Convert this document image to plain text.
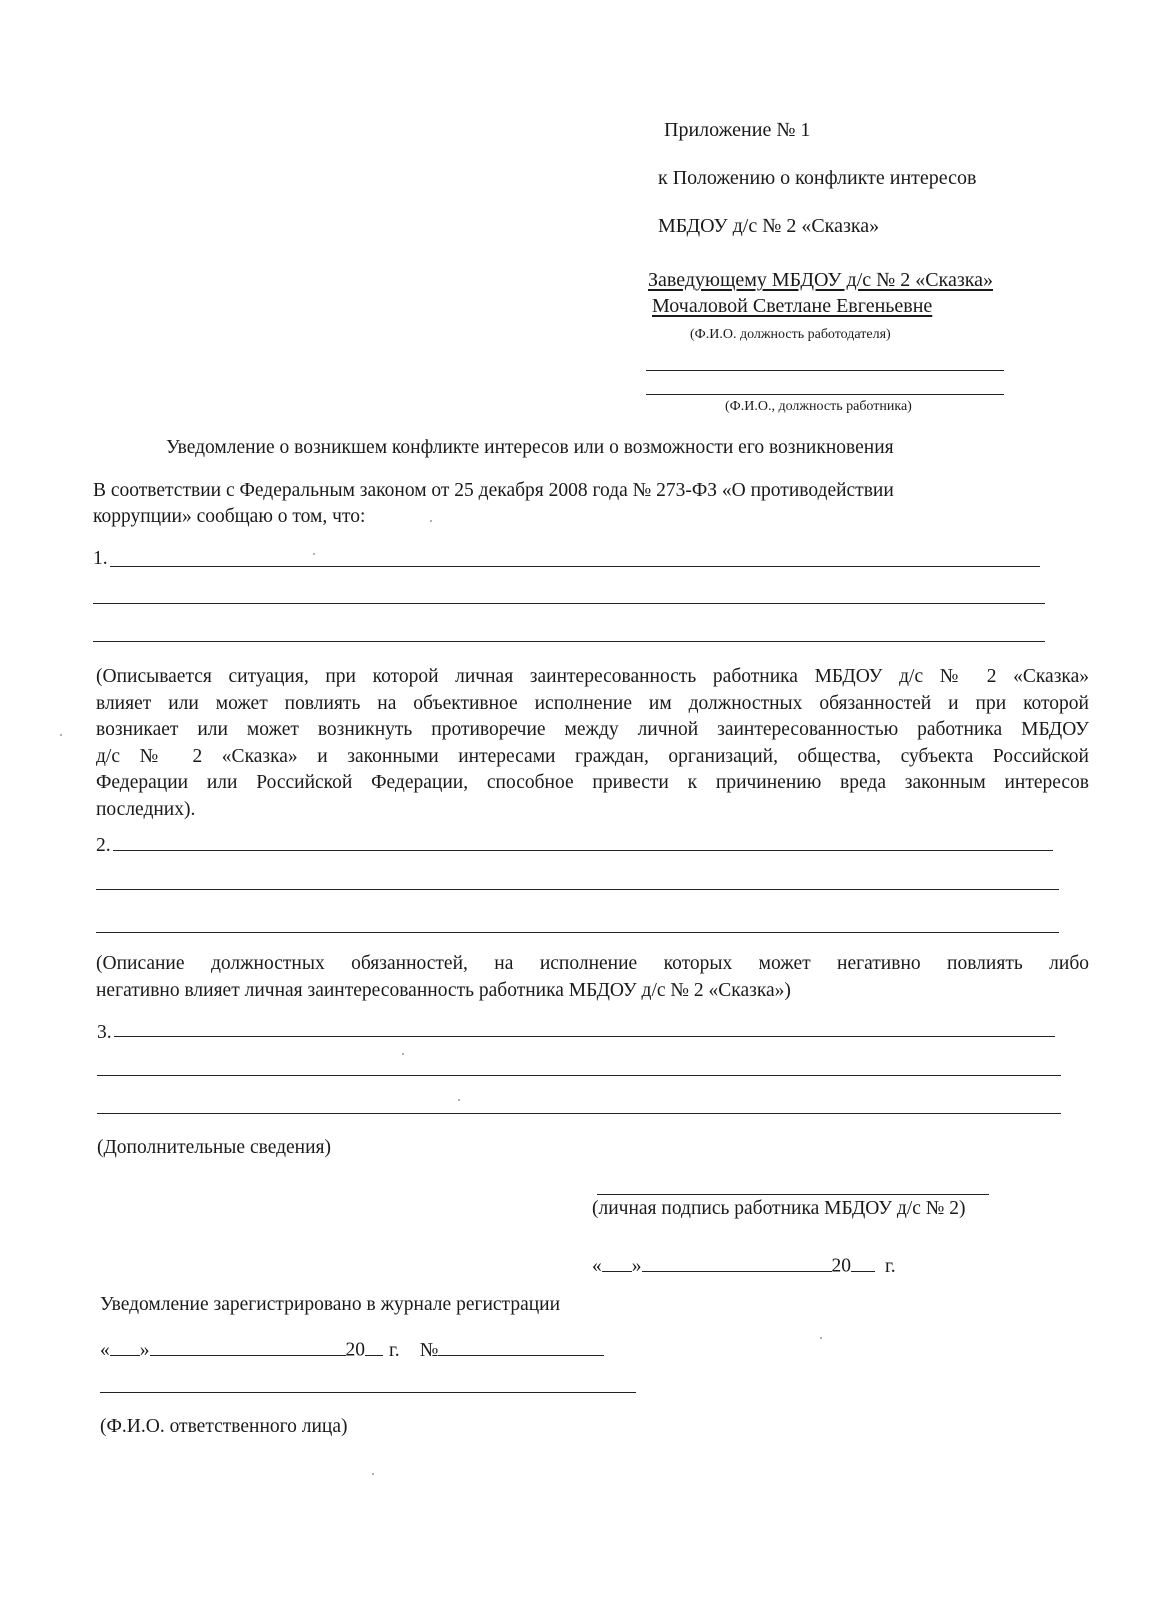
Приложение № 1
к Положению о конфликте интересов
МБДОУ д/с № 2 «Сказка»
Заведующему МБДОУ д/с № 2 «Сказка»
Мочаловой Светлане Евгеньевне
(Ф.И.О. должность работодателя)
(Ф.И.О., должность работника)
Уведомление о возникшем конфликте интересов или о возможности его возникновения
В соответствии с Федеральным законом от 25 декабря 2008 года № 273-ФЗ «О противодействии
коррупции» сообщаю о том, что:
1.
(Описывается ситуация, при которой личная заинтересованность работника МБДОУ д/с № 2 «Сказка»
влияет или может повлиять на объективное исполнение им должностных обязанностей и при которой
возникает или может возникнуть противоречие между личной заинтересованностью работника МБДОУ
д/с № 2 «Сказка» и законными интересами граждан, организаций, общества, субъекта Российской
Федерации или Российской Федерации, способное привести к причинению вреда законным интересов
последних).
2.
(Описание должностных обязанностей, на исполнение которых может негативно повлиять либо
негативно влияет личная заинтересованность работника МБДОУ д/с № 2 «Сказка»)
3.
(Дополнительные сведения)
(личная подпись работника МБДОУ д/с № 2)
« »	20 г.
Уведомление зарегистрировано в журнале регистрации
« »	20 г. №
(Ф.И.О. ответственного лица)
